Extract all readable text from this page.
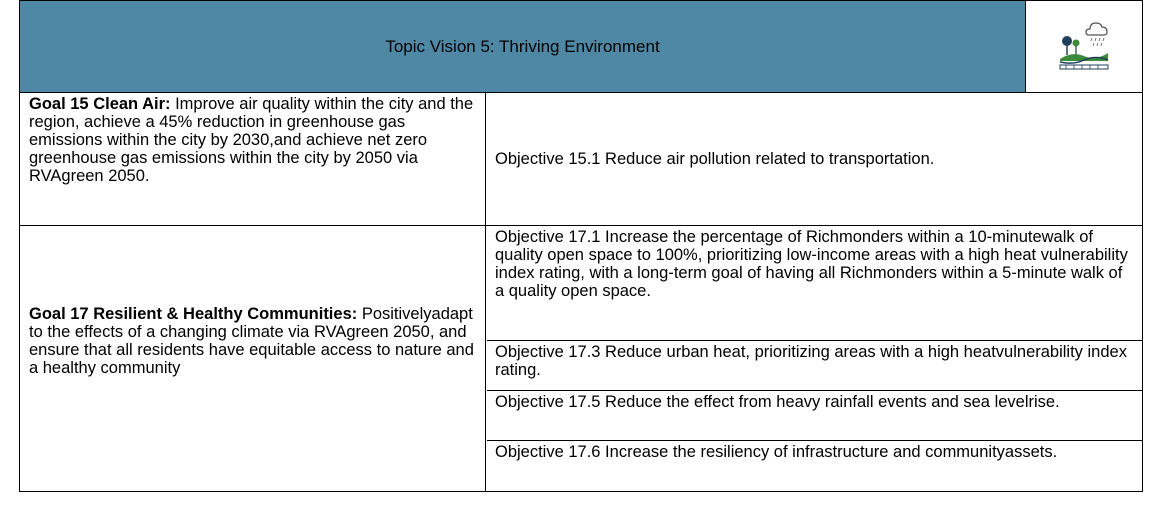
Topic Vision 5: Thriving Environment
Goal 15 Clean Air: Improve air quality within the city and the region, achieve a 45% reduction in greenhouse gas emissions within the city by 2030,and achieve net zero greenhouse gas emissions within the city by 2050 via RVAgreen 2050.
Objective 15.1 Reduce air pollution related to transportation.
Goal 17 Resilient & Healthy Communities: Positivelyadapt to the effects of a changing climate via RVAgreen 2050, and ensure that all residents have equitable access to nature and a healthy community
Objective 17.1 Increase the percentage of Richmonders within a 10-minutewalk of quality open space to 100%, prioritizing low-income areas with a high heat vulnerability index rating, with a long-term goal of having all Richmonders within a 5-minute walk of a quality open space.
Objective 17.3 Reduce urban heat, prioritizing areas with a high heatvulnerability index rating.
Objective 17.5 Reduce the effect from heavy rainfall events and sea levelrise.
Objective 17.6 Increase the resiliency of infrastructure and communityassets.
